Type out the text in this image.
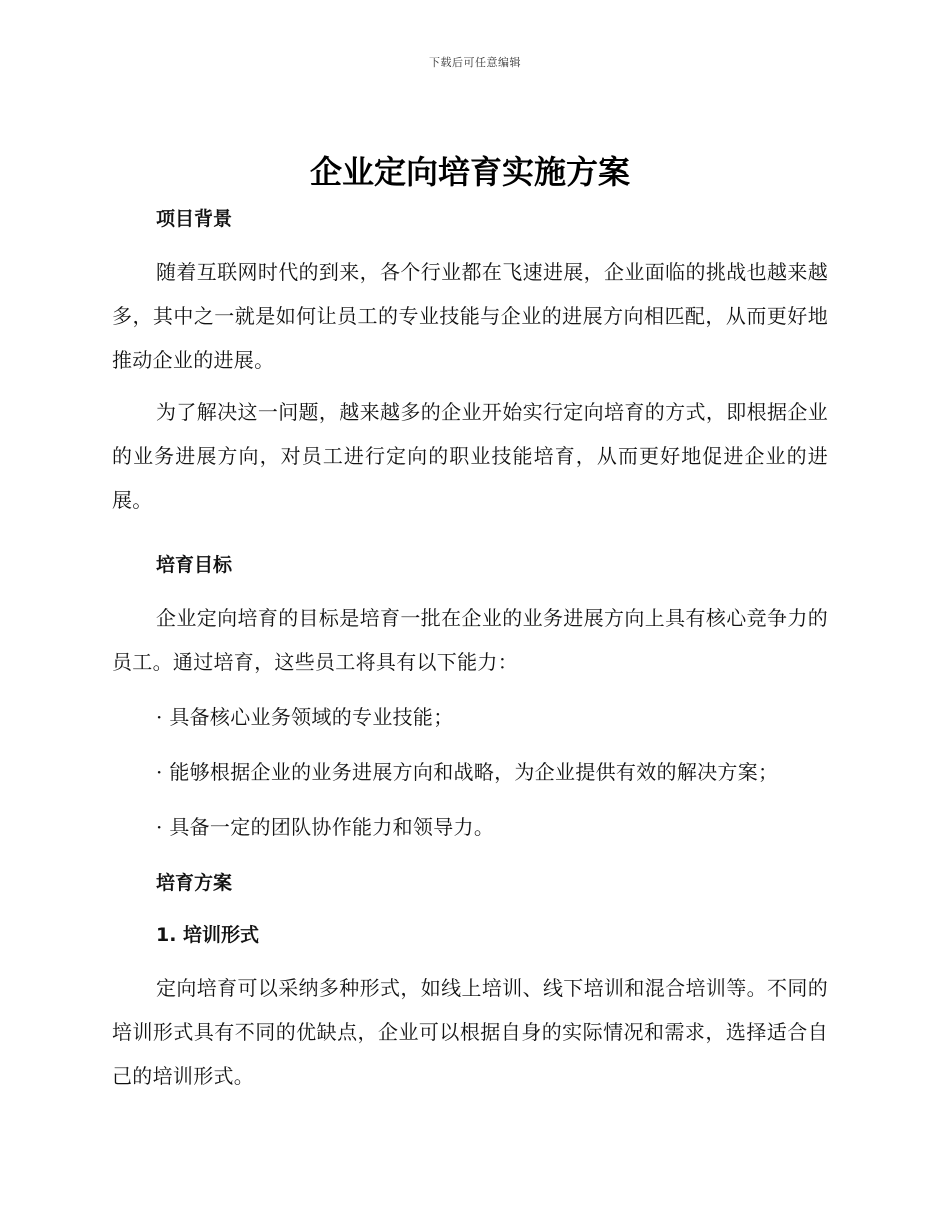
下载后可任意编辑
企业定向培育实施方案
项目背景

随着互联网时代的到来，各个行业都在飞速进展，企业面临的挑战也越来越多，其中之一就是如何让员工的专业技能与企业的进展方向相匹配，从而更好地推动企业的进展。

为了解决这一问题，越来越多的企业开始实行定向培育的方式，即根据企业的业务进展方向，对员工进行定向的职业技能培育，从而更好地促进企业的进展。

培育目标

企业定向培育的目标是培育一批在企业的业务进展方向上具有核心竞争力的员工。通过培育，这些员工将具有以下能力：

· 具备核心业务领域的专业技能；

· 能够根据企业的业务进展方向和战略，为企业提供有效的解决方案；

· 具备一定的团队协作能力和领导力。

培育方案
1. 培训形式

定向培育可以采纳多种形式，如线上培训、线下培训和混合培训等。不同的培训形式具有不同的优缺点，企业可以根据自身的实际情况和需求，选择适合自己的培训形式。
